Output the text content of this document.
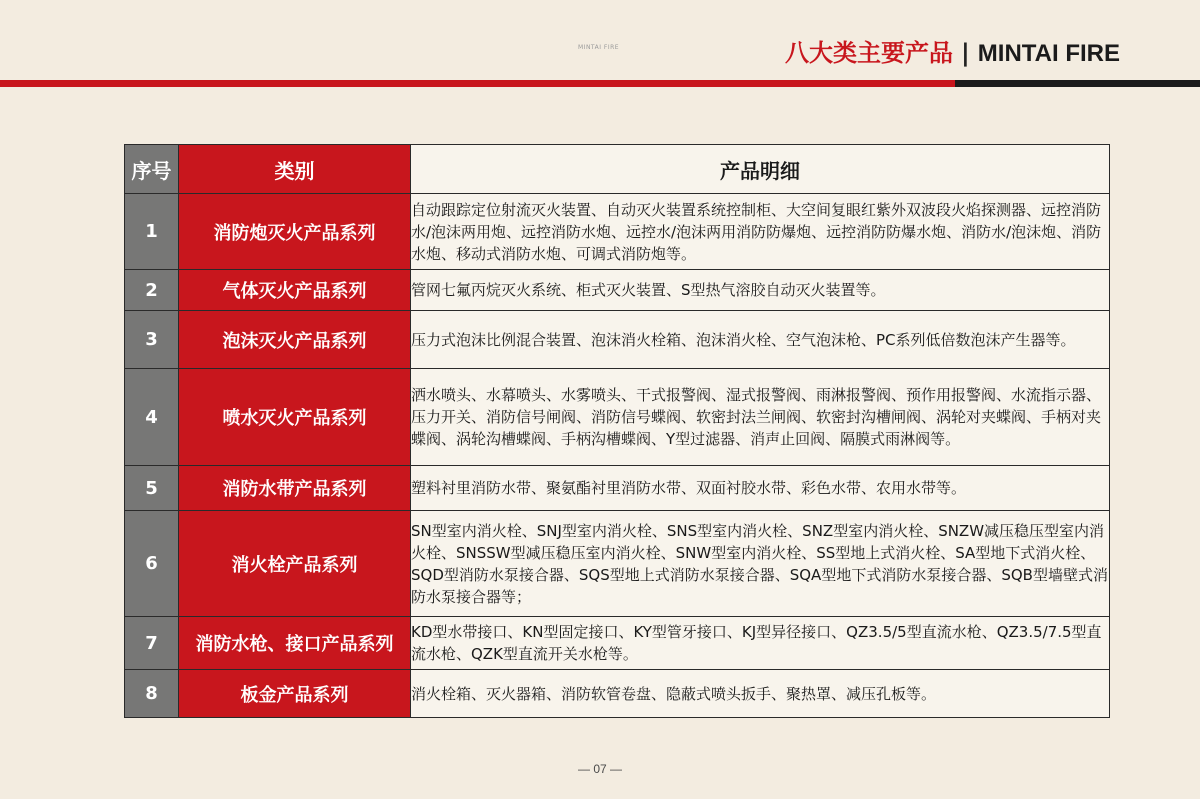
MINTAI FIRE	八大类主要产品 | MINTAI FIRE
序号	类别	产品明细
1	消防炮灭火产品系列	自动跟踪定位射流灭火装置、自动灭火装置系统控制柜、大空间复眼红紫外双波段火焰探测器、远控消防水/泡沫两用炮、远控消防水炮、远控水/泡沫两用消防防爆炮、远控消防防爆水炮、消防水/泡沫炮、消防水炮、移动式消防水炮、可调式消防炮等。
2	气体灭火产品系列	管网七氟丙烷灭火系统、柜式灭火装置、S型热气溶胶自动灭火装置等。
3	泡沫灭火产品系列	压力式泡沫比例混合装置、泡沫消火栓箱、泡沫消火栓、空气泡沫枪、PC系列低倍数泡沫产生器等。
4	喷水灭火产品系列	洒水喷头、水幕喷头、水雾喷头、干式报警阀、湿式报警阀、雨淋报警阀、预作用报警阀、水流指示器、压力开关、消防信号闸阀、消防信号蝶阀、软密封法兰闸阀、软密封沟槽闸阀、涡轮对夹蝶阀、手柄对夹蝶阀、涡轮沟槽蝶阀、手柄沟槽蝶阀、Y型过滤器、消声止回阀、隔膜式雨淋阀等。
5	消防水带产品系列	塑料衬里消防水带、聚氨酯衬里消防水带、双面衬胶水带、彩色水带、农用水带等。
6	消火栓产品系列	SN型室内消火栓、SNJ型室内消火栓、SNS型室内消火栓、SNZ型室内消火栓、SNZW减压稳压型室内消火栓、SNSSW型减压稳压室内消火栓、SNW型室内消火栓、SS型地上式消火栓、SA型地下式消火栓、SQD型消防水泵接合器、SQS型地上式消防水泵接合器、SQA型地下式消防水泵接合器、SQB型墙壁式消防水泵接合器等；
7	消防水枪、接口产品系列	KD型水带接口、KN型固定接口、KY型管牙接口、KJ型异径接口、QZ3.5/5型直流水枪、QZ3.5/7.5型直流水枪、QZK型直流开关水枪等。
8	板金产品系列	消火栓箱、灭火器箱、消防软管卷盘、隐蔽式喷头扳手、聚热罩、减压孔板等。
— 07 —
